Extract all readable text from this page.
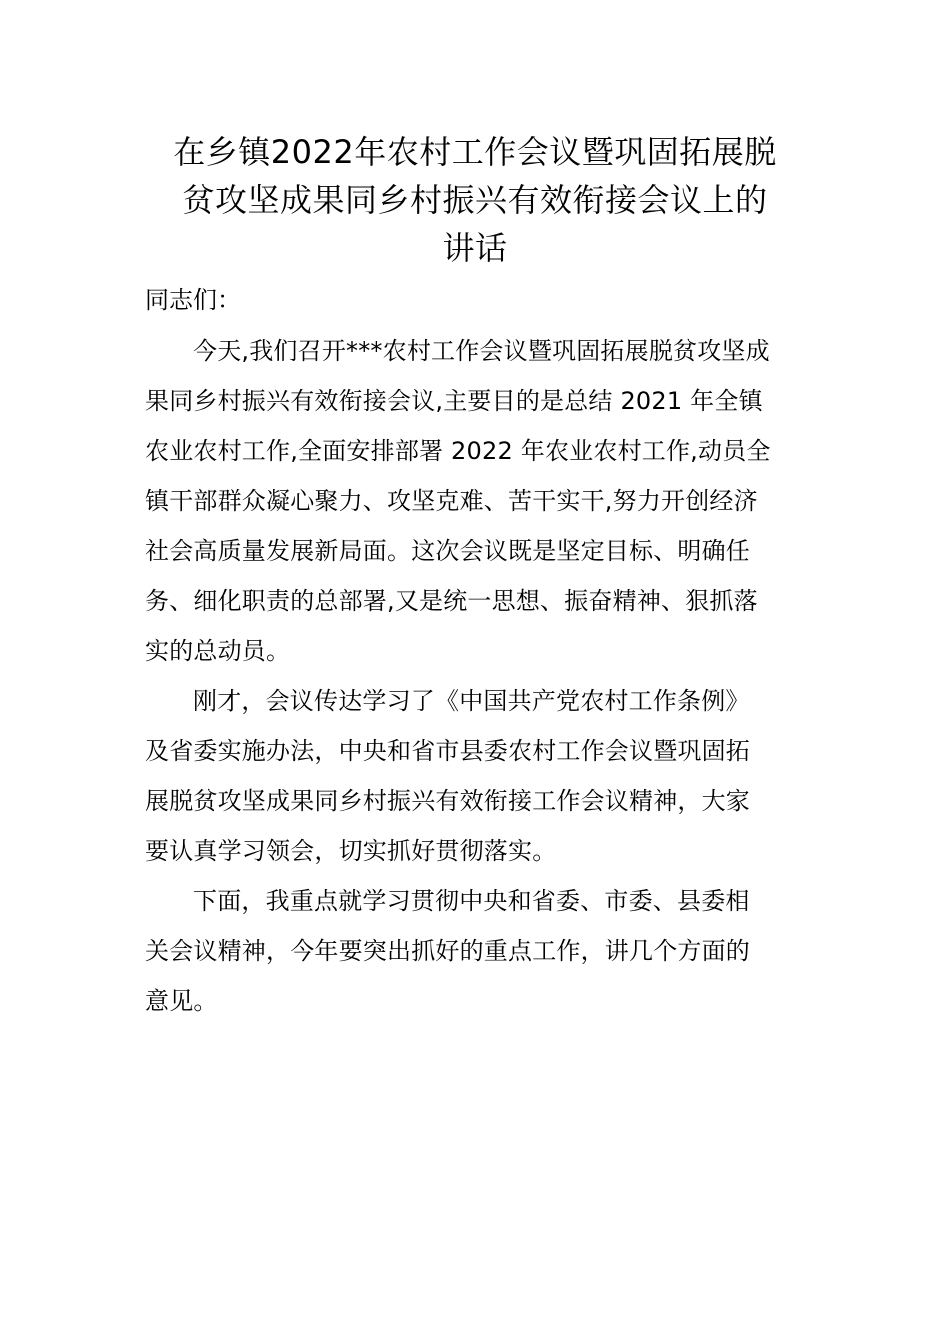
在乡镇2022年农村工作会议暨巩固拓展脱
贫攻坚成果同乡村振兴有效衔接会议上的
讲话
同志们：
今天,我们召开***农村工作会议暨巩固拓展脱贫攻坚成
果同乡村振兴有效衔接会议,主要目的是总结 2021 年全镇
农业农村工作,全面安排部署 2022 年农业农村工作,动员全
镇干部群众凝心聚力、攻坚克难、苦干实干,努力开创经济
社会高质量发展新局面。这次会议既是坚定目标、明确任
务、细化职责的总部署,又是统一思想、振奋精神、狠抓落
实的总动员。
刚才，会议传达学习了《中国共产党农村工作条例》
及省委实施办法，中央和省市县委农村工作会议暨巩固拓
展脱贫攻坚成果同乡村振兴有效衔接工作会议精神，大家
要认真学习领会，切实抓好贯彻落实。
下面，我重点就学习贯彻中央和省委、市委、县委相
关会议精神，今年要突出抓好的重点工作，讲几个方面的
意见。
